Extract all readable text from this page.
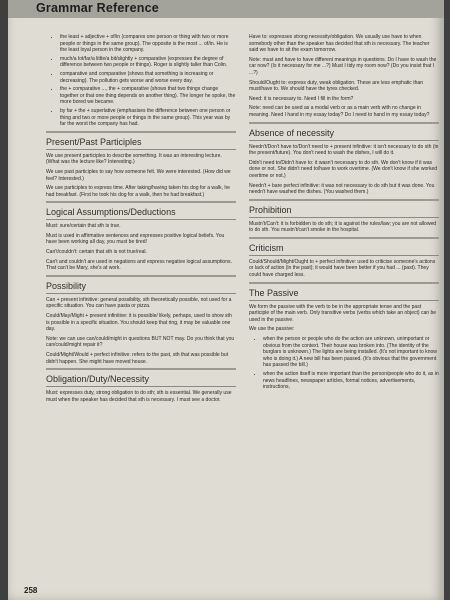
Grammar Reference
• the least + adjective + of/in (compares one person or thing with two or more people or things in the same group). The opposite is the most ... of/in. He is the least loyal person in the company.
• much/a lot/far/a little/a bit/slightly + comparative (expresses the degree of difference between two people or things). Roger is slightly taller than Colin.
• comparative and comparative (shows that something is increasing or decreasing). The pollution gets worse and worse every day.
• the + comparative ..., the + comparative (shows that two things change together or that one thing depends on another thing). The longer he spoke, the more bored we became.
• by far + the + superlative (emphasises the difference between one person or thing and two or more people or things in the same group). This year was by far the worst the company has had.
Present/Past Participles

We use present participles to describe something. It was an interesting lecture. (What was the lecture like? Interesting.)

We use past participles to say how someone felt. We were interested. (How did we feel? Interested.)

We use participles to express time. After taking/having taken his dog for a walk, he had breakfast. (First he took his dog for a walk, then he had breakfast.)

Logical Assumptions/Deductions

Must: sure/certain that sth is true.

Must is used in affirmative sentences and expresses positive logical beliefs. You have been working all day, you must be tired!

Can't/couldn't: certain that sth is not true/real.

Can't and couldn't are used in negations and express negative logical assumptions. That can't be Mary, she's at work.

Possibility

Can + present infinitive: general possibility, sth theoretically possible, not used for a specific situation. You can have pasta or pizza.

Could/May/Might + present infinitive: it is possible/ likely, perhaps, used to show sth is possible in a specific situation. You should keep that ring, it may be valuable one day.

Note: we can use can/could/might in questions BUT NOT may. Do you think that you can/could/might repair it?

Could/Might/Would + perfect infinitive: refers to the past, sth that was possible but didn't happen. She might have moved house.

Obligation/Duty/Necessity

Must: expresses duty, strong obligation to do sth; sth is essential. We generally use must when the speaker has decided that sth is necessary. I must see a doctor.

Have to: expresses strong necessity/obligation. We usually use have to when somebody other than the speaker has decided that sth is necessary. The teacher said we have to sit the exam tomorrow.

Note: must and have to have different meanings in questions. Do I have to wash the car now? (Is it necessary for me ...?) Must I tidy my room now? (Do you insist that I ...?)

Should/Ought to: express duty, weak obligation. These are less emphatic than must/have to. We should have the tyres checked.

Need: it is necessary to. Need I fill in the form?

Note: need can be used as a modal verb or as a main verb with no change in meaning. Need I hand in my essay today? Do I need to hand in my essay today?

Absence of necessity

Needn't/Don't have to/Don't need to + present infinitive: it isn't necessary to do sth (in the present/future). You don't need to wash the dishes, I will do it.

Didn't need to/Didn't have to: it wasn't necessary to do sth. We don't know if it was done or not. She didn't need to/have to work overtime. (We don't know if she worked overtime or not.)

Needn't + bare perfect infinitive: it was not necessary to do sth but it was done. You needn't have washed the dishes. (You washed them.)

Prohibition

Mustn't/Can't: it is forbidden to do sth; it is against the rules/law; you are not allowed to do sth. You mustn't/can't smoke in the hospital.

Criticism

Could/Should/Might/Ought to + perfect infinitive: used to criticise someone's actions or lack of action (in the past); it would have been better if you had ... (past). They could have charged less.

The Passive

We form the passive with the verb to be in the appropriate tense and the past participle of the main verb. Only transitive verbs (verbs which take an object) can be used in the passive.

We use the passive:

• when the person or people who do the action are unknown, unimportant or obvious from the context. Their house was broken into. (The identity of the burglars is unknown.) The lights are being installed. (It's not important to know who is doing it.) A new bill has been passed. (It's obvious that the government has passed the bill.)
• when the action itself is more important than the person/people who do it, as in news headlines, newspaper articles, formal notices, advertisements, instructions,
258
